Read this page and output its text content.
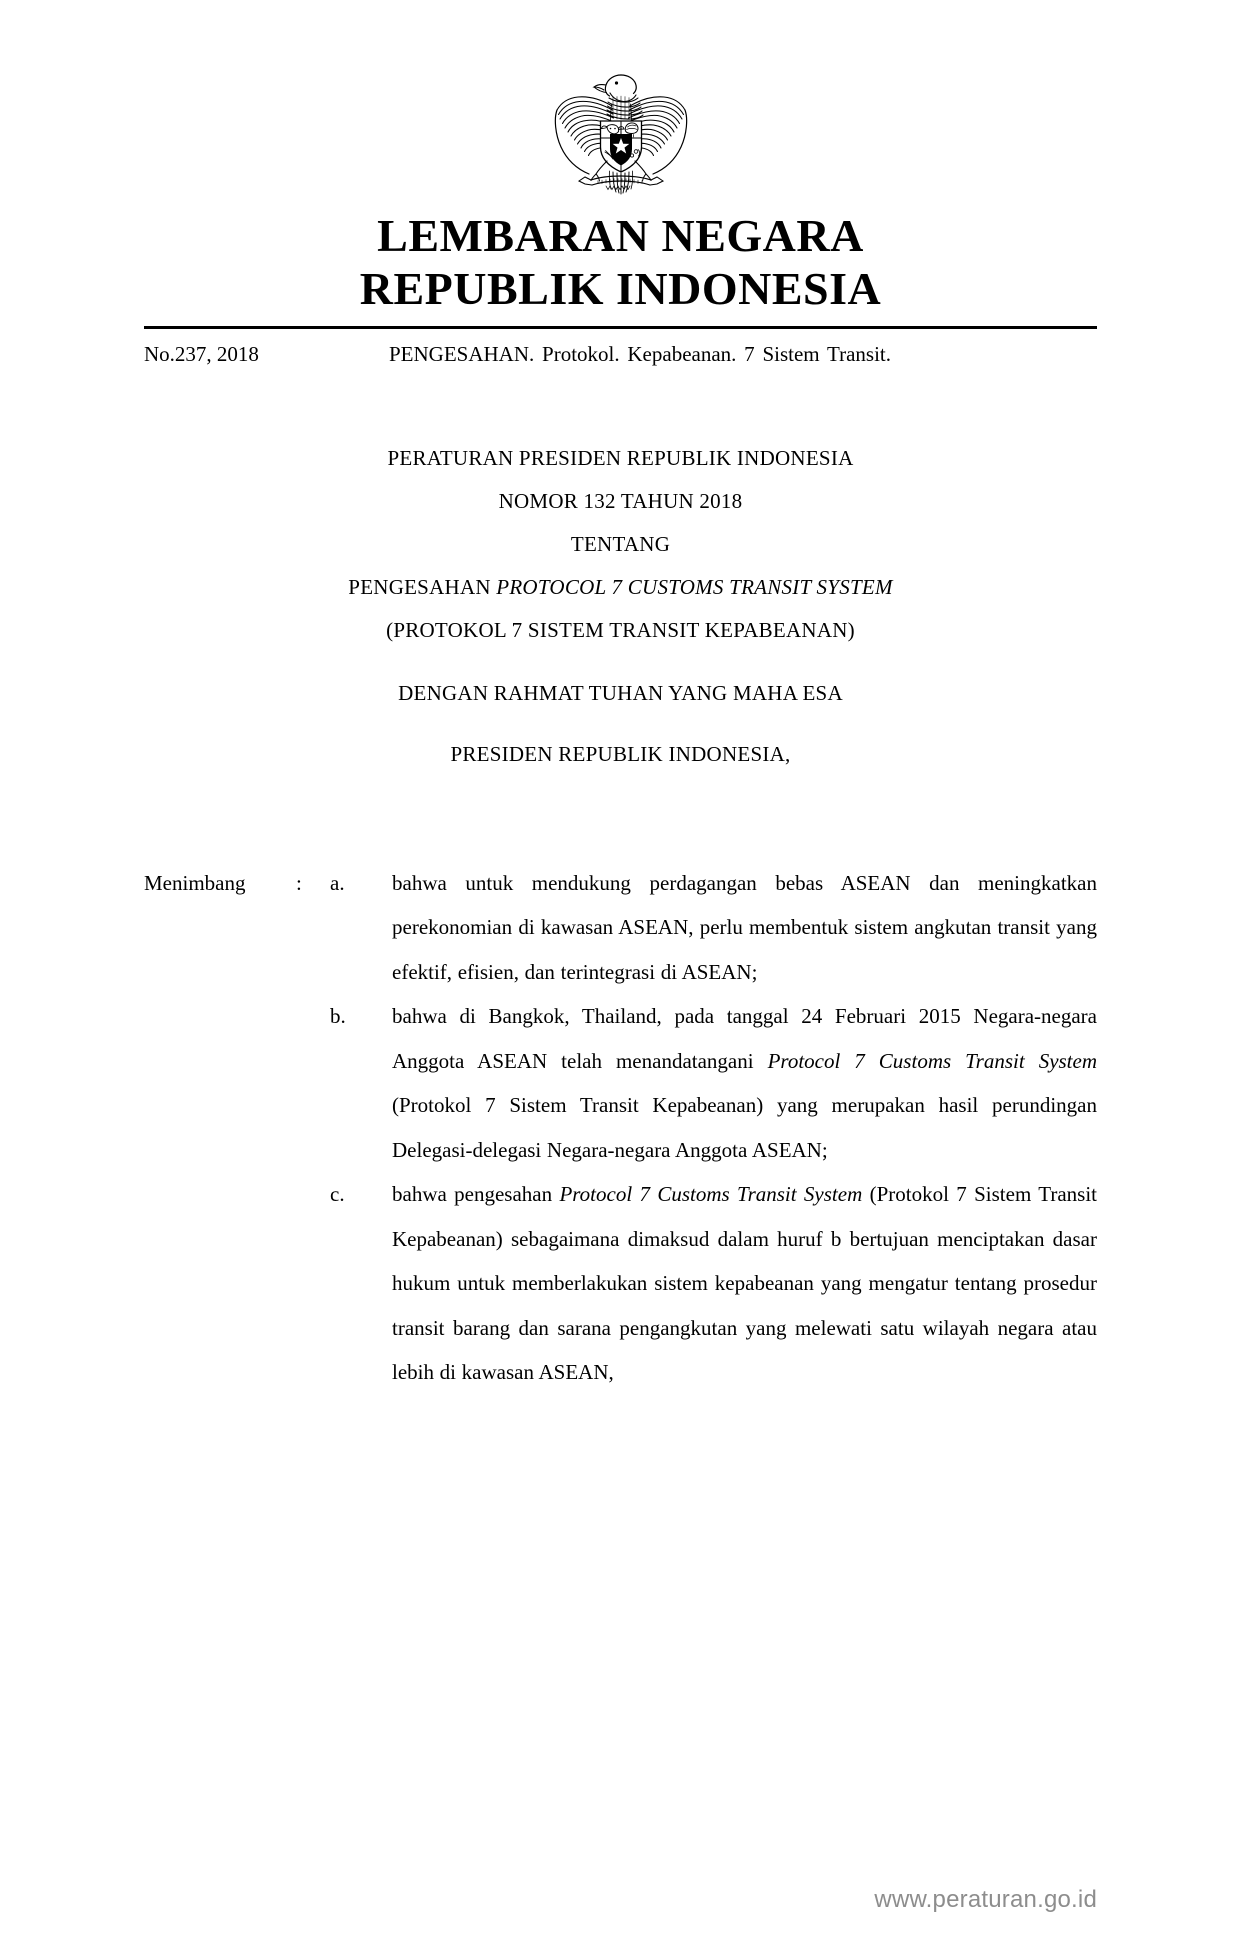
LEMBARAN NEGARA
REPUBLIK INDONESIA
No.237, 2018	PENGESAHAN. Protokol. Kepabeanan. 7 Sistem Transit.
PERATURAN PRESIDEN REPUBLIK INDONESIA
NOMOR 132 TAHUN 2018
TENTANG
PENGESAHAN PROTOCOL 7 CUSTOMS TRANSIT SYSTEM
(PROTOKOL 7 SISTEM TRANSIT KEPABEANAN)
DENGAN RAHMAT TUHAN YANG MAHA ESA
PRESIDEN REPUBLIK INDONESIA,
Menimbang	:	a.	bahwa untuk mendukung perdagangan bebas ASEAN dan meningkatkan perekonomian di kawasan ASEAN, perlu membentuk sistem angkutan transit yang efektif, efisien, dan terintegrasi di ASEAN;
b.	bahwa di Bangkok, Thailand, pada tanggal 24 Februari 2015 Negara-negara Anggota ASEAN telah menandatangani Protocol 7 Customs Transit System (Protokol 7 Sistem Transit Kepabeanan) yang merupakan hasil perundingan Delegasi-delegasi Negara-negara Anggota ASEAN;
c.	bahwa pengesahan Protocol 7 Customs Transit System (Protokol 7 Sistem Transit Kepabeanan) sebagaimana dimaksud dalam huruf b bertujuan menciptakan dasar hukum untuk memberlakukan sistem kepabeanan yang mengatur tentang prosedur transit barang dan sarana pengangkutan yang melewati satu wilayah negara atau lebih di kawasan ASEAN,
www.peraturan.go.id
